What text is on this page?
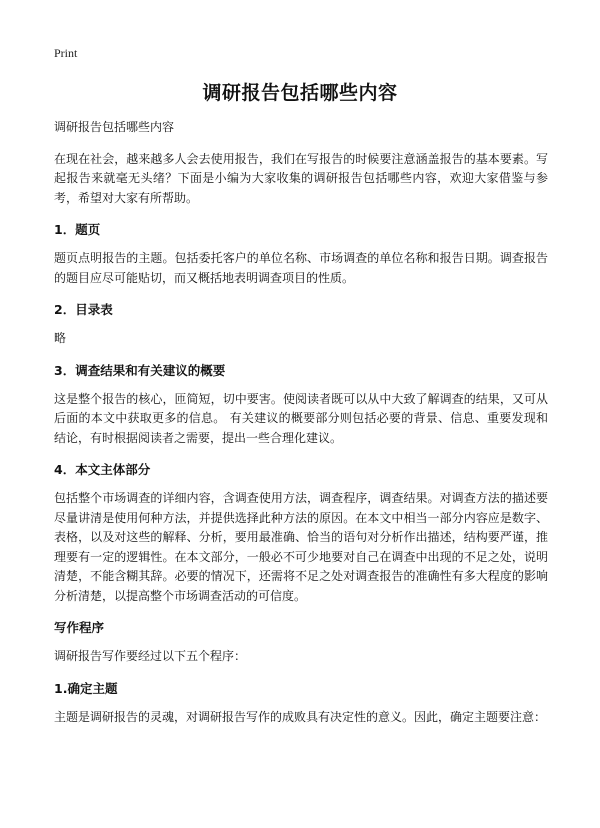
Print
调研报告包括哪些内容

调研报告包括哪些内容

在现在社会，越来越多人会去使用报告，我们在写报告的时候要注意涵盖报告的基本要素。写起报告来就毫无头绪？下面是小编为大家收集的调研报告包括哪些内容，欢迎大家借鉴与参考，希望对大家有所帮助。

1．题页

题页点明报告的主题。包括委托客户的单位名称、市场调查的单位名称和报告日期。调查报告的题目应尽可能贴切，而又概括地表明调查项目的性质。

2．目录表

略

3．调查结果和有关建议的概要

这是整个报告的核心，匝简短，切中要害。使阅读者既可以从中大致了解调查的结果，又可从后面的本文中获取更多的信息。 有关建议的概要部分则包括必要的背景、信息、重要发现和结论，有时根据阅读者之需要，提出一些合理化建议。

4．本文主体部分

包括整个市场调查的详细内容，含调查使用方法，调查程序，调查结果。对调查方法的描述要尽量讲清是使用何种方法，并提供选择此种方法的原因。在本文中相当一部分内容应是数字、表格，以及对这些的解释、分析，要用最准确、恰当的语句对分析作出描述，结构要严谨，推理要有一定的逻辑性。在本文部分，一般必不可少地要对自己在调查中出现的不足之处，说明清楚，不能含糊其辞。必要的情况下，还需将不足之处对调查报告的准确性有多大程度的影响分析清楚，以提高整个市场调查活动的可信度。

写作程序

调研报告写作要经过以下五个程序：

1.确定主题

主题是调研报告的灵魂，对调研报告写作的成败具有决定性的意义。因此，确定主题要注意：
